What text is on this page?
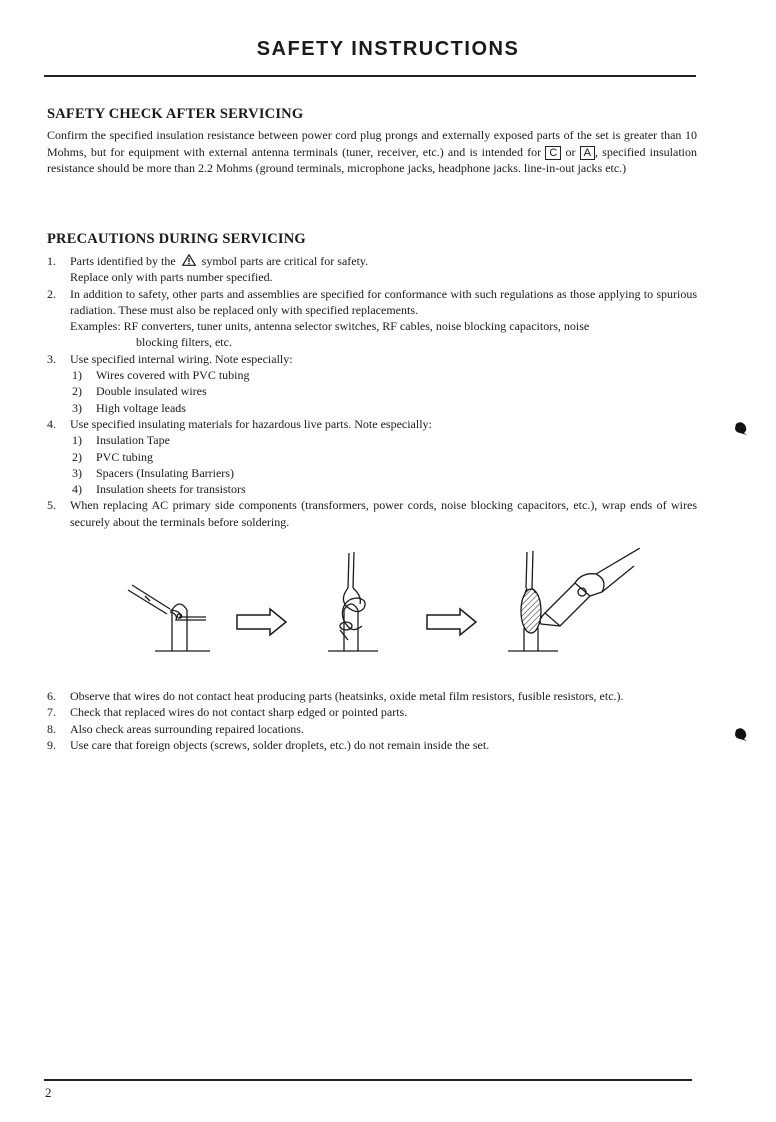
SAFETY INSTRUCTIONS
SAFETY CHECK AFTER SERVICING
Confirm the specified insulation resistance between power cord plug prongs and externally exposed parts of the set is greater than 10 Mohms, but for equipment with external antenna terminals (tuner, receiver, etc.) and is intended for C or A , specified insulation resistance should be more than 2.2 Mohms (ground terminals, microphone jacks, headphone jacks. line-in-out jacks etc.)
PRECAUTIONS DURING SERVICING
1. Parts identified by the symbol parts are critical for safety.
Replace only with parts number specified.
2. In addition to safety, other parts and assemblies are specified for conformance with such regulations as those applying to spurious radiation. These must also be replaced only with specified replacements.
Examples: RF converters, tuner units, antenna selector switches, RF cables, noise blocking capacitors, noise
blocking filters, etc.
3. Use specified internal wiring. Note especially:
1) Wires covered with PVC tubing
2) Double insulated wires
3) High voltage leads
4. Use specified insulating materials for hazardous live parts. Note especially:
1) Insulation Tape
2) PVC tubing
3) Spacers (Insulating Barriers)
4) Insulation sheets for transistors
5. When replacing AC primary side components (transformers, power cords, noise blocking capacitors, etc.), wrap ends of wires securely about the terminals before soldering.
6. Observe that wires do not contact heat producing parts (heatsinks, oxide metal film resistors, fusible resistors, etc.).
7. Check that replaced wires do not contact sharp edged or pointed parts.
8. Also check areas surrounding repaired locations.
9. Use care that foreign objects (screws, solder droplets, etc.) do not remain inside the set.
2
